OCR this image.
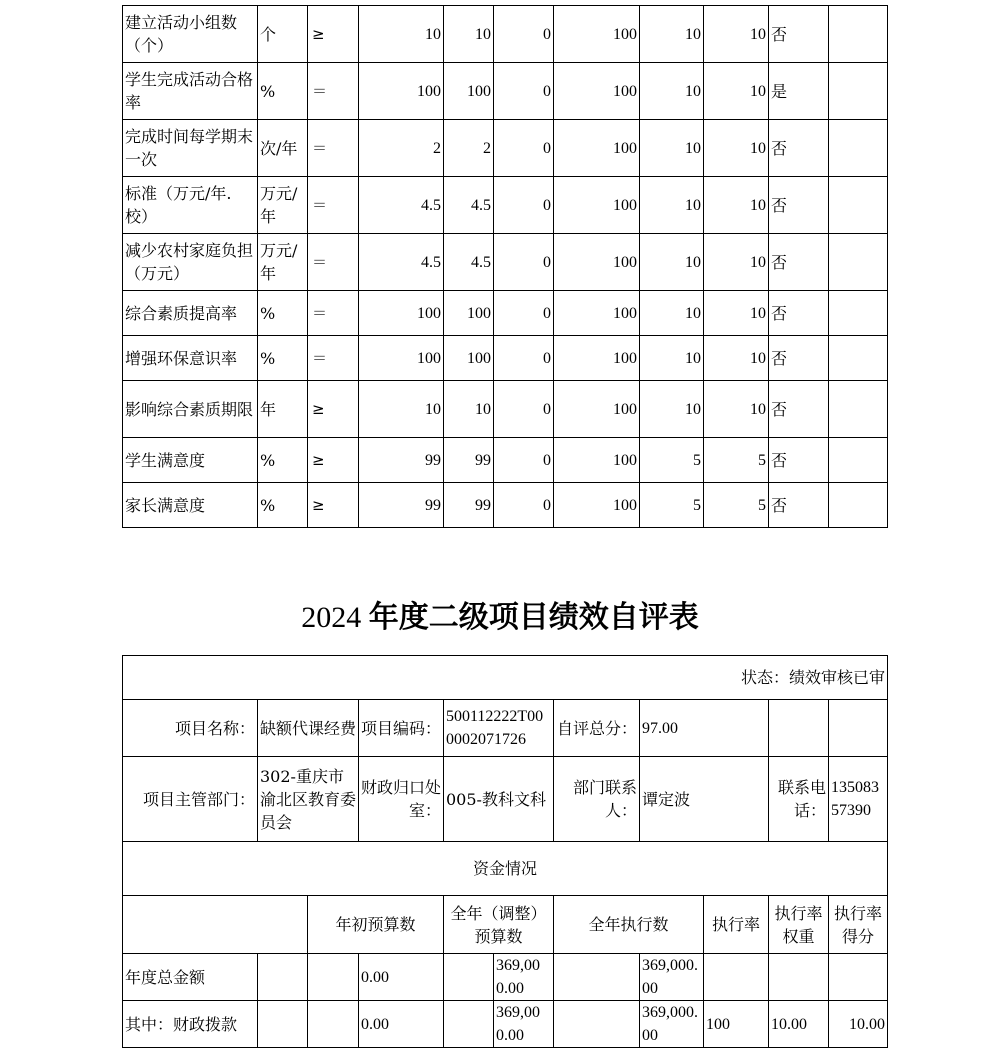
建立活动小组数（个）	个	≥	10	10	0	100	10	10	否	
学生完成活动合格率	%	＝	100	100	0	100	10	10	是	
完成时间每学期末一次	次/年	＝	2	2	0	100	10	10	否	
标准（万元/年.校）	万元/年	＝	4.5	4.5	0	100	10	10	否	
减少农村家庭负担（万元）	万元/年	＝	4.5	4.5	0	100	10	10	否	
综合素质提高率	%	＝	100	100	0	100	10	10	否	
增强环保意识率	%	＝	100	100	0	100	10	10	否	
影响综合素质期限	年	≥	10	10	0	100	10	10	否	
学生满意度	%	≥	99	99	0	100	5	5	否	
家长满意度	%	≥	99	99	0	100	5	5	否	
2024 年度二级项目绩效自评表
状态：绩效审核已审										
项目名称：	缺额代课经费		项目编码：	500112222T000002071726		自评总分：	97.00			
项目主管部门：	302-重庆市渝北区教育委员会		财政归口处室：	005-教科文科		部门联系人：	谭定波		联系电话：	13508357390
资金情况										
		年初预算数		全年（调整）预算数		全年执行数		执行率	执行率权重	执行率得分
年度总金额			0.00		369,000.00		369,000.00			
其中：财政拨款			0.00		369,000.00		369,000.00	100	10.00	10.00
